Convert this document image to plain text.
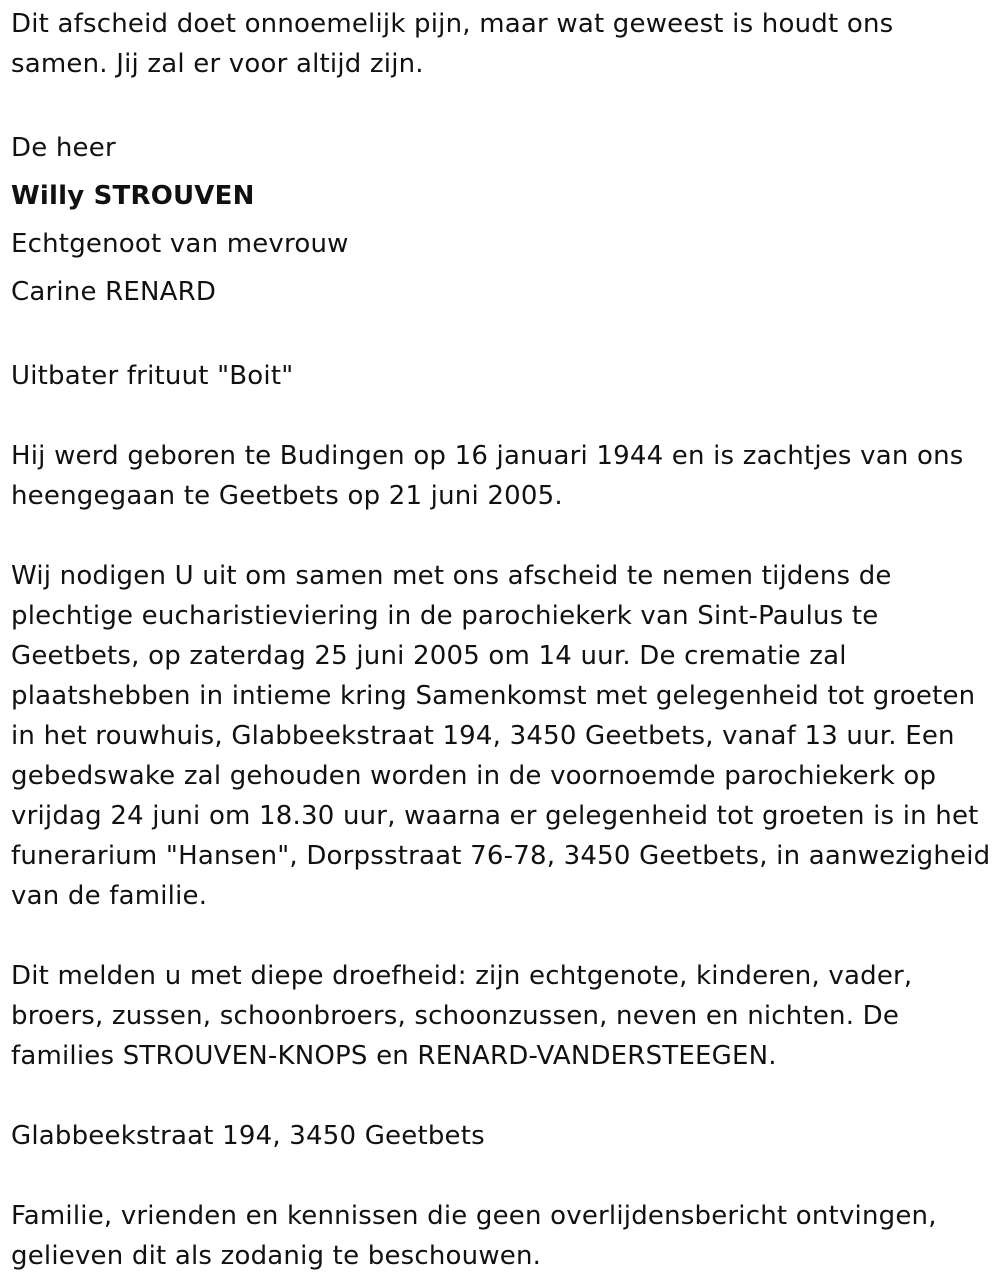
Dit afscheid doet onnoemelijk pijn, maar wat geweest is houdt ons samen. Jij zal er voor altijd zijn.

De heer

Willy STROUVEN

Echtgenoot van mevrouw

Carine RENARD

Uitbater frituut "Boit"

Hij werd geboren te Budingen op 16 januari 1944 en is zachtjes van ons heengegaan te Geetbets op 21 juni 2005.

Wij nodigen U uit om samen met ons afscheid te nemen tijdens de plechtige eucharistieviering in de parochiekerk van Sint-Paulus te Geetbets, op zaterdag 25 juni 2005 om 14 uur. De crematie zal plaatshebben in intieme kring Samenkomst met gelegenheid tot groeten in het rouwhuis, Glabbeekstraat 194, 3450 Geetbets, vanaf 13 uur. Een gebedswake zal gehouden worden in de voornoemde parochiekerk op vrijdag 24 juni om 18.30 uur, waarna er gelegenheid tot groeten is in het funerarium "Hansen", Dorpsstraat 76-78, 3450 Geetbets, in aanwezigheid van de familie.

Dit melden u met diepe droefheid: zijn echtgenote, kinderen, vader, broers, zussen, schoonbroers, schoonzussen, neven en nichten. De families STROUVEN-KNOPS en RENARD-VANDERSTEEGEN.

Glabbeekstraat 194, 3450 Geetbets

Familie, vrienden en kennissen die geen overlijdensbericht ontvingen, gelieven dit als zodanig te beschouwen.
